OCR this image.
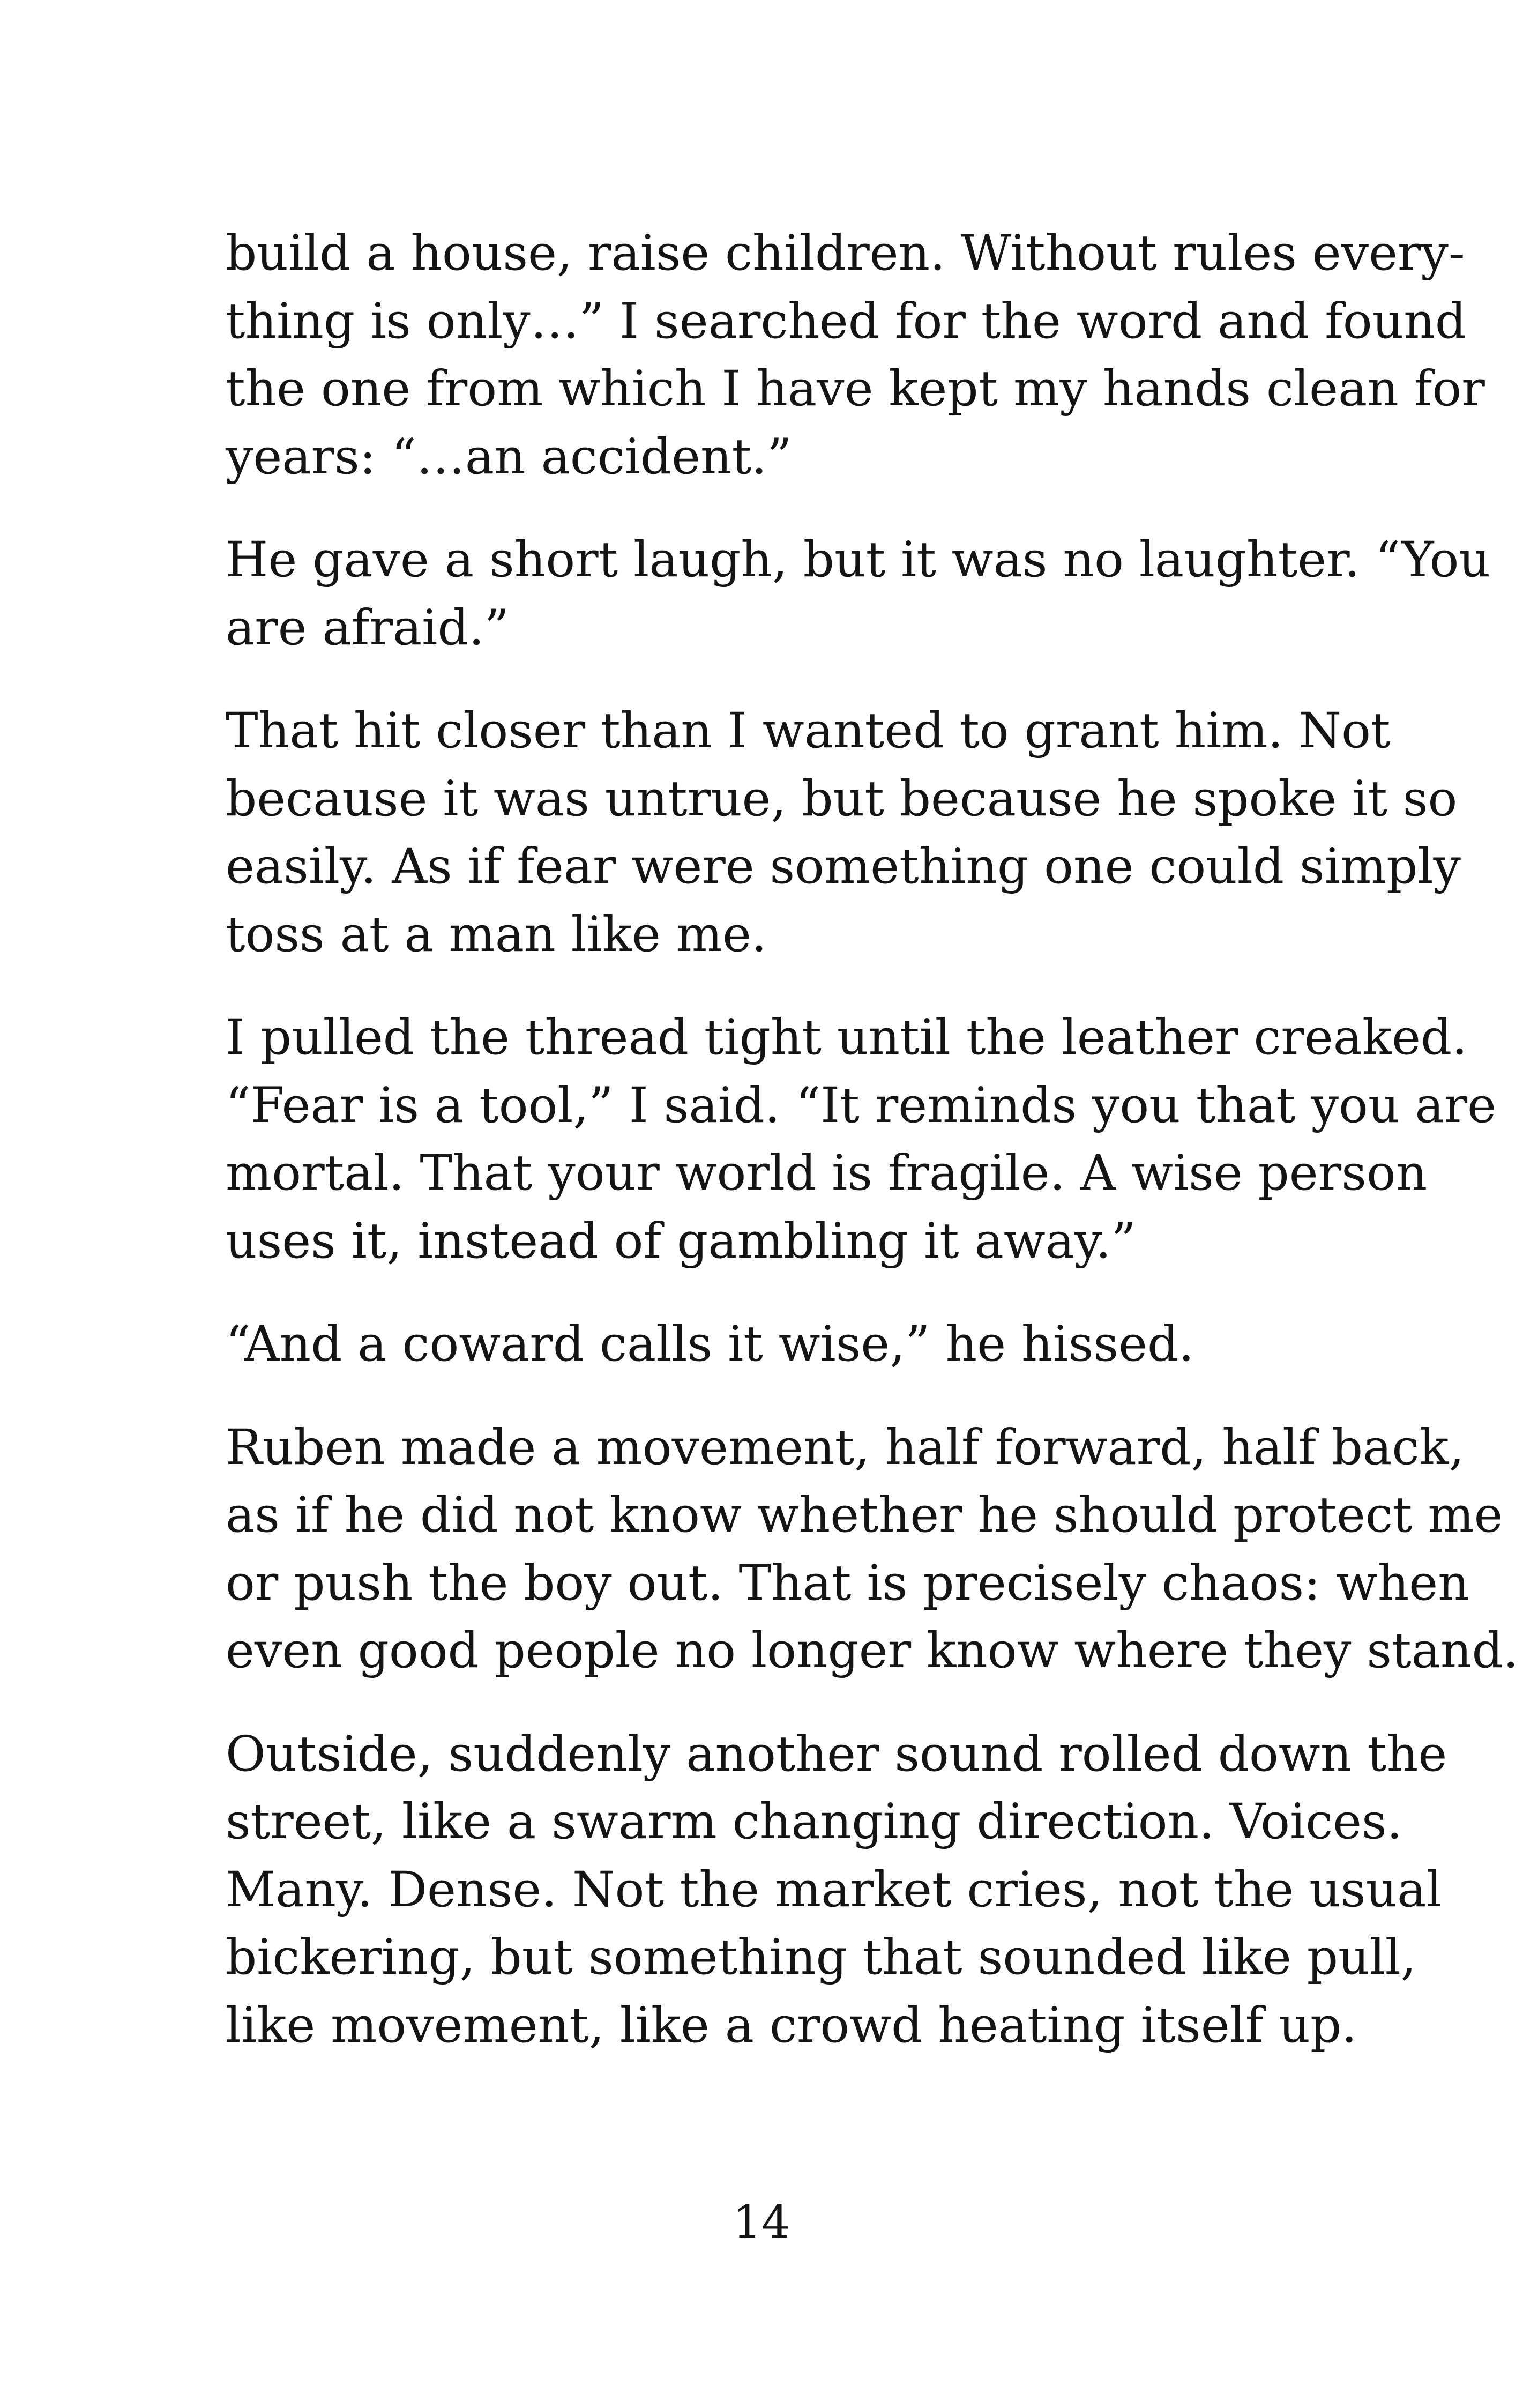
build a house, raise children. Without rules every-
thing is only…” I searched for the word and found
the one from which I have kept my hands clean for
years: “…an accident.”

He gave a short laugh, but it was no laughter. “You
are afraid.”

That hit closer than I wanted to grant him. Not
because it was untrue, but because he spoke it so
easily. As if fear were something one could simply
toss at a man like me.

I pulled the thread tight until the leather creaked.
“Fear is a tool,” I said. “It reminds you that you are
mortal. That your world is fragile. A wise person
uses it, instead of gambling it away.”

“And a coward calls it wise,” he hissed.

Ruben made a movement, half forward, half back,
as if he did not know whether he should protect me
or push the boy out. That is precisely chaos: when
even good people no longer know where they stand.

Outside, suddenly another sound rolled down the
street, like a swarm changing direction. Voices.
Many. Dense. Not the market cries, not the usual
bickering, but something that sounded like pull,
like movement, like a crowd heating itself up.

14
